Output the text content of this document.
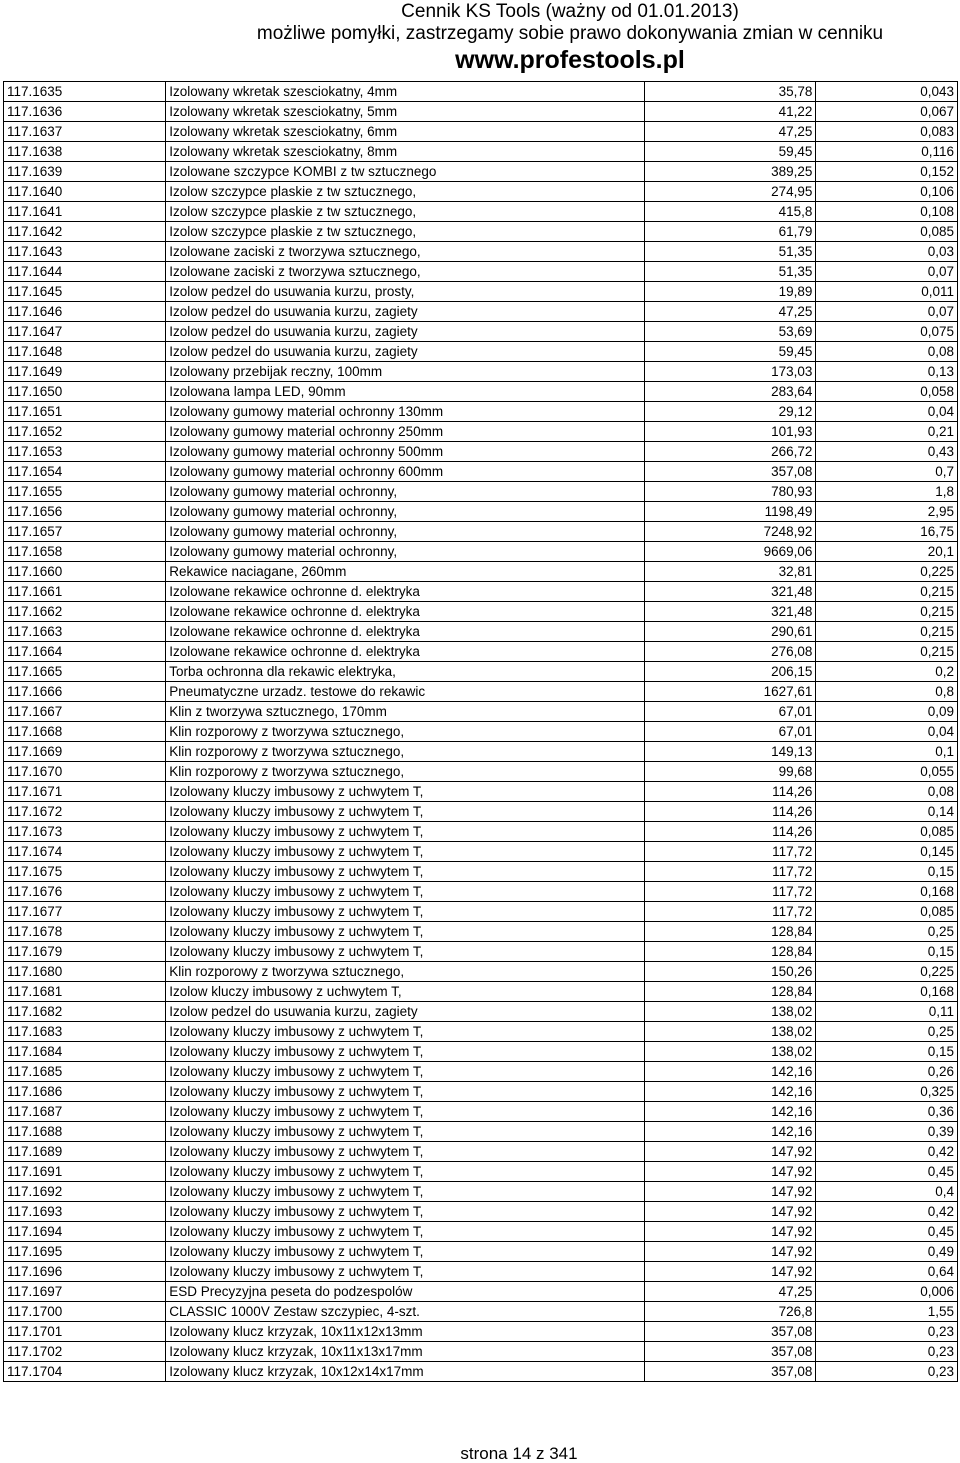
Cennik KS Tools (ważny od 01.01.2013)
możliwe pomyłki, zastrzegamy sobie prawo dokonywania zmian w cenniku
www.profestools.pl
117.1635	Izolowany wkretak szesciokatny, 4mm	35,78	0,043
117.1636	Izolowany wkretak szesciokatny, 5mm	41,22	0,067
117.1637	Izolowany wkretak szesciokatny, 6mm	47,25	0,083
117.1638	Izolowany wkretak szesciokatny, 8mm	59,45	0,116
117.1639	Izolowane szczypce KOMBI z tw sztucznego	389,25	0,152
117.1640	Izolow szczypce plaskie z tw sztucznego,	274,95	0,106
117.1641	Izolow szczypce plaskie z tw sztucznego,	415,8	0,108
117.1642	Izolow szczypce plaskie z tw sztucznego,	61,79	0,085
117.1643	Izolowane zaciski z tworzywa sztucznego,	51,35	0,03
117.1644	Izolowane zaciski z tworzywa sztucznego,	51,35	0,07
117.1645	Izolow pedzel do usuwania kurzu, prosty,	19,89	0,011
117.1646	Izolow pedzel do usuwania kurzu, zagiety	47,25	0,07
117.1647	Izolow pedzel do usuwania kurzu, zagiety	53,69	0,075
117.1648	Izolow pedzel do usuwania kurzu, zagiety	59,45	0,08
117.1649	Izolowany przebijak reczny, 100mm	173,03	0,13
117.1650	Izolowana lampa LED, 90mm	283,64	0,058
117.1651	Izolowany gumowy material ochronny 130mm	29,12	0,04
117.1652	Izolowany gumowy material ochronny 250mm	101,93	0,21
117.1653	Izolowany gumowy material ochronny 500mm	266,72	0,43
117.1654	Izolowany gumowy material ochronny 600mm	357,08	0,7
117.1655	Izolowany gumowy material ochronny,	780,93	1,8
117.1656	Izolowany gumowy material ochronny,	1198,49	2,95
117.1657	Izolowany gumowy material ochronny,	7248,92	16,75
117.1658	Izolowany gumowy material ochronny,	9669,06	20,1
117.1660	Rekawice naciagane, 260mm	32,81	0,225
117.1661	Izolowane rekawice ochronne d. elektryka	321,48	0,215
117.1662	Izolowane rekawice ochronne d. elektryka	321,48	0,215
117.1663	Izolowane rekawice ochronne d. elektryka	290,61	0,215
117.1664	Izolowane rekawice ochronne d. elektryka	276,08	0,215
117.1665	Torba ochronna dla rekawic elektryka,	206,15	0,2
117.1666	Pneumatyczne urzadz. testowe do rekawic	1627,61	0,8
117.1667	Klin z tworzywa sztucznego, 170mm	67,01	0,09
117.1668	Klin rozporowy z tworzywa sztucznego,	67,01	0,04
117.1669	Klin rozporowy z tworzywa sztucznego,	149,13	0,1
117.1670	Klin rozporowy z tworzywa sztucznego,	99,68	0,055
117.1671	Izolowany kluczy imbusowy z uchwytem T,	114,26	0,08
117.1672	Izolowany kluczy imbusowy z uchwytem T,	114,26	0,14
117.1673	Izolowany kluczy imbusowy z uchwytem T,	114,26	0,085
117.1674	Izolowany kluczy imbusowy z uchwytem T,	117,72	0,145
117.1675	Izolowany kluczy imbusowy z uchwytem T,	117,72	0,15
117.1676	Izolowany kluczy imbusowy z uchwytem T,	117,72	0,168
117.1677	Izolowany kluczy imbusowy z uchwytem T,	117,72	0,085
117.1678	Izolowany kluczy imbusowy z uchwytem T,	128,84	0,25
117.1679	Izolowany kluczy imbusowy z uchwytem T,	128,84	0,15
117.1680	Klin rozporowy z tworzywa sztucznego,	150,26	0,225
117.1681	Izolow kluczy imbusowy z uchwytem T,	128,84	0,168
117.1682	Izolow pedzel do usuwania kurzu, zagiety	138,02	0,11
117.1683	Izolowany kluczy imbusowy z uchwytem T,	138,02	0,25
117.1684	Izolowany kluczy imbusowy z uchwytem T,	138,02	0,15
117.1685	Izolowany kluczy imbusowy z uchwytem T,	142,16	0,26
117.1686	Izolowany kluczy imbusowy z uchwytem T,	142,16	0,325
117.1687	Izolowany kluczy imbusowy z uchwytem T,	142,16	0,36
117.1688	Izolowany kluczy imbusowy z uchwytem T,	142,16	0,39
117.1689	Izolowany kluczy imbusowy z uchwytem T,	147,92	0,42
117.1691	Izolowany kluczy imbusowy z uchwytem T,	147,92	0,45
117.1692	Izolowany kluczy imbusowy z uchwytem T,	147,92	0,4
117.1693	Izolowany kluczy imbusowy z uchwytem T,	147,92	0,42
117.1694	Izolowany kluczy imbusowy z uchwytem T,	147,92	0,45
117.1695	Izolowany kluczy imbusowy z uchwytem T,	147,92	0,49
117.1696	Izolowany kluczy imbusowy z uchwytem T,	147,92	0,64
117.1697	ESD Precyzyjna peseta do podzespolów	47,25	0,006
117.1700	CLASSIC 1000V Zestaw szczypiec, 4-szt.	726,8	1,55
117.1701	Izolowany klucz krzyzak, 10x11x12x13mm	357,08	0,23
117.1702	Izolowany klucz krzyzak, 10x11x13x17mm	357,08	0,23
117.1704	Izolowany klucz krzyzak, 10x12x14x17mm	357,08	0,23
strona 14 z 341
